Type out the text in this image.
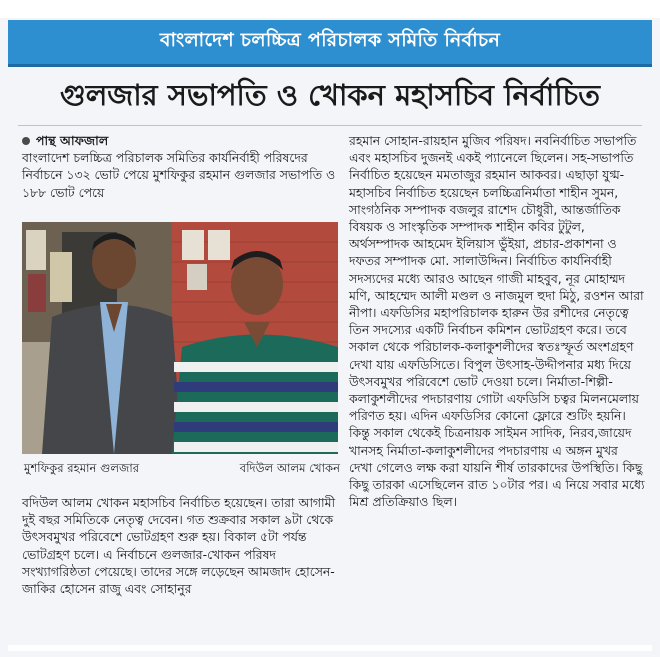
বাংলাদেশ চলচ্চিত্র পরিচালক সমিতি নির্বাচন
গুলজার সভাপতি ও খোকন মহাসচিব নির্বাচিত
পান্থ আফজাল

বাংলাদেশ চলচ্চিত্র পরিচালক সমিতির কার্যনির্বাহী পরিষদের নির্বাচনে ১৩২ ভোট পেয়ে মুশফিকুর রহমান গুলজার সভাপতি ও ১৮৮ ভোট পেয়ে

মুশফিকুর রহমান গুলজার	বদিউল আলম খোকন

বদিউল আলম খোকন মহাসচিব নির্বাচিত হয়েছেন। তারা আগামী দুই বছর সমিতিকে নেতৃত্ব দেবেন। গত শুক্রবার সকাল ৯টা থেকে উৎসবমুখর পরিবেশে ভোটগ্রহণ শুরু হয়। বিকাল ৫টা পর্যন্ত ভোটগ্রহণ চলে। এ নির্বাচনে গুলজার-খোকন পরিষদ সংখ্যাগরিষ্ঠতা পেয়েছে। তাদের সঙ্গে লড়েছেন আমজাদ হোসেন-জাকির হোসেন রাজু এবং সোহানুর

রহমান সোহান-রায়হান মুজিব পরিষদ। নবনির্বাচিত সভাপতি এবং মহাসচিব দুজনই একই প্যানেলে ছিলেন। সহ-সভাপতি নির্বাচিত হয়েছেন মমতাজুর রহমান আকবর। এছাড়া যুগ্ম-মহাসচিব নির্বাচিত হয়েছেন চলচ্চিত্রনির্মাতা শাহীন সুমন, সাংগঠনিক সম্পাদক বজলুর রাশেদ চৌধুরী, আন্তর্জাতিক বিষয়ক ও সাংস্কৃতিক সম্পাদক শাহীন কবির টুটুল, অর্থসম্পাদক আহমেদ ইলিয়াস ভুঁইয়া, প্রচার-প্রকাশনা ও দফতর সম্পাদক মো. সালাউদ্দিন। নির্বাচিত কার্যনির্বাহী সদস্যদের মধ্যে আরও আছেন গাজী মাহবুব, নূর মোহাম্মদ মণি, আহম্মেদ আলী মণ্ডল ও নাজমুল হুদা মিঠু, রওশন আরা নীপা। এফডিসির মহাপরিচালক হারুন উর রশীদের নেতৃত্বে তিন সদস্যের একটি নির্বাচন কমিশন ভোটগ্রহণ করে। তবে সকাল থেকে পরিচালক-কলাকুশলীদের স্বতঃস্ফূর্ত অংশগ্রহণ দেখা যায় এফডিসিতে। বিপুল উৎসাহ-উদ্দীপনার মধ্য দিয়ে উৎসবমুখর পরিবেশে ভোট দেওয়া চলে। নির্মাতা-শিল্পী-কলাকুশলীদের পদচারণায় গোটা এফডিসি চত্বর মিলনমেলায় পরিণত হয়। এদিন এফডিসির কোনো ফ্লোরে শুটিং হয়নি। কিন্তু সকাল থেকেই চিত্রনায়ক সাইমন সাদিক, নিরব,জায়েদ খানসহ নির্মাতা-কলাকুশলীদের পদচারণায় এ অঙ্গন মুখর দেখা গেলেও লক্ষ করা যায়নি শীর্ষ তারকাদের উপস্থিতি। কিছু কিছু তারকা এসেছিলেন রাত ১০টার পর। এ নিয়ে সবার মধ্যে মিশ্র প্রতিক্রিয়াও ছিল।
